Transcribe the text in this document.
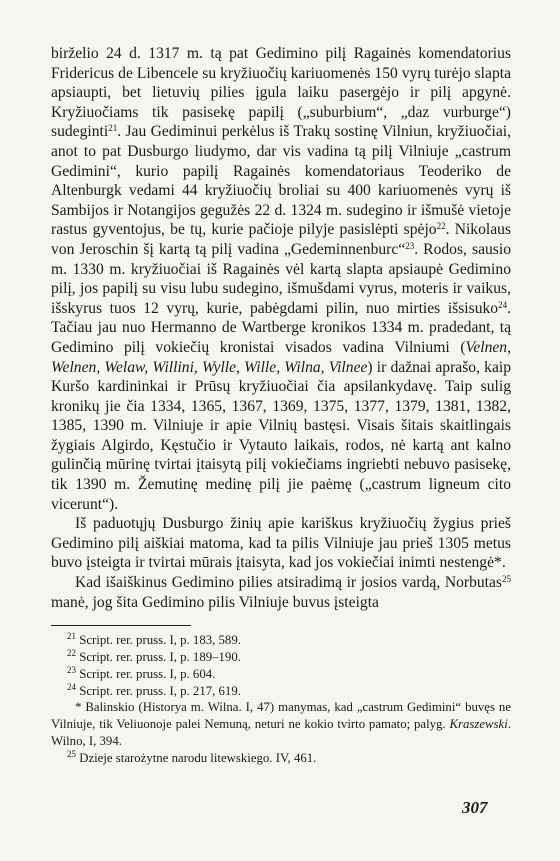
birželio 24 d. 1317 m. tą pat Gedimino pilį Ragainės komendatorius Fridericus de Libencele su kryžiuočių kariuomenės 150 vyrų turėjo slapta apsiaupti, bet lietuvių pilies įgula laiku pasergėjo ir pilį apgynė. Kryžiuočiams tik pasisekę papilį („suburbium“, „daz vurburge“) sudeginti$^{21}$. Jau Gediminui perkėlus iš Trakų sostinę Vilniun, kryžiuočiai, anot to pat Dusburgo liudymo, dar vis vadina tą pilį Vilniuje „castrum Gedimini“, kurio papilį Ragainės komendatoriaus Teoderiko de Altenburgk vedami 44 kryžiuočių broliai su 400 kariuomenės vyrų iš Sambijos ir Notangijos gegužės 22 d. 1324 m. sudegino ir išmušė vietoje rastus gyventojus, be tų, kurie pačioje pilyje pasislėpti spėjo$^{22}$. Nikolaus von Jeroschin šį kartą tą pilį vadina „Gedeminnenburc“$^{23}$. Rodos, sausio m. 1330 m. kryžiuočiai iš Ragainės vėl kartą slapta apsiaupė Gedimino pilį, jos papilį su visu lubu sudegino, išmušdami vyrus, moteris ir vaikus, išskyrus tuos 12 vyrų, kurie, pabėgdami pilin, nuo mirties išsisuko$^{24}$. Tačiau jau nuo Hermanno de Wartberge kronikos 1334 m. pradedant, tą Gedimino pilį vokiečių kronistai visados vadina Vilniumi (Velnen, Welnen, Welaw, Willini, Wylle, Wille, Wilna, Vilnee) ir dažnai aprašo, kaip Kuršo kardininkai ir Prūsų kryžiuočiai čia apsilankydavę. Taip sulig kronikų jie čia 1334, 1365, 1367, 1369, 1375, 1377, 1379, 1381, 1382, 1385, 1390 m. Vilniuje ir apie Vilnių bastęsi. Visais šitais skaitlingais žygiais Algirdo, Kęstučio ir Vytauto laikais, rodos, nė kartą ant kalno gulinčią mūrinę tvirtai įtaisytą pilį vokiečiams ingriebti nebuvo pasisekę, tik 1390 m. Žemutinę medinę pilį jie paėmę („castrum ligneum cito vicerunt“).

Iš paduotųjų Dusburgo žinių apie kariškus kryžiuočių žygius prieš Gedimino pilį aiškiai matoma, kad ta pilis Vilniuje jau prieš 1305 metus buvo įsteigta ir tvirtai mūrais įtaisyta, kad jos vokiečiai inimti nestengė*.

Kad išaiškinus Gedimino pilies atsiradimą ir josios vardą, Norbutas$^{25}$ manė, jog šita Gedimino pilis Vilniuje buvus įsteigta

$^{21}$ Script. rer. pruss. I, p. 183, 589.

$^{22}$ Script. rer. pruss. I, p. 189–190.

$^{23}$ Script. rer. pruss. I, p. 604.

$^{24}$ Script. rer. pruss. I, p. 217, 619.

* Balinskio (Historya m. Wilna. I, 47) manymas, kad „castrum Gedimini“ buvęs ne Vilniuje, tik Veliuonoje palei Nemuną, neturi ne kokio tvirto pamato; palyg. Kraszewski. Wilno, I, 394.

$^{25}$ Dzieje starożytne narodu litewskiego. IV, 461.

307
